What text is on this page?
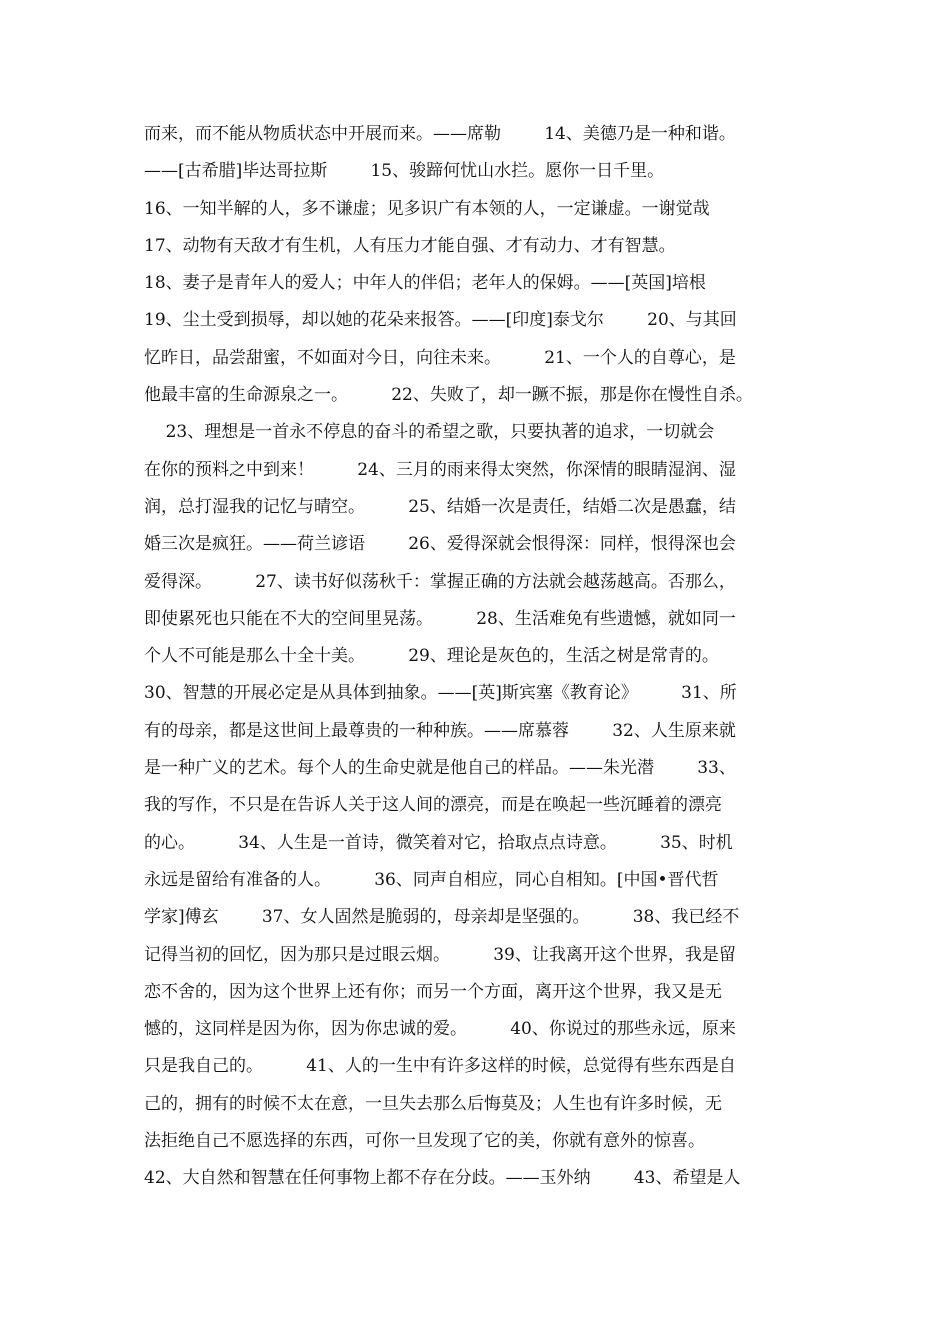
而来，而不能从物质状态中开展而来。——席勒        14、美德乃是一种和谐。
——[古希腊]毕达哥拉斯        15、骏蹄何忧山水拦。愿你一日千里。
16、一知半解的人，多不谦虚；见多识广有本领的人，一定谦虚。一谢觉哉
17、动物有天敌才有生机，人有压力才能自强、才有动力、才有智慧。
18、妻子是青年人的爱人；中年人的伴侣；老年人的保姆。——[英国]培根
19、尘土受到损辱，却以她的花朵来报答。——[印度]泰戈尔        20、与其回
忆昨日，品尝甜蜜，不如面对今日，向往未来。        21、一个人的自尊心，是
他最丰富的生命源泉之一。        22、失败了，却一蹶不振，那是你在慢性自杀。
23、理想是一首永不停息的奋斗的希望之歌，只要执著的追求，一切就会
在你的预料之中到来！        24、三月的雨来得太突然，你深情的眼睛湿润、湿
润，总打湿我的记忆与晴空。        25、结婚一次是责任，结婚二次是愚蠢，结
婚三次是疯狂。——荷兰谚语        26、爱得深就会恨得深：同样，恨得深也会
爱得深。        27、读书好似荡秋千：掌握正确的方法就会越荡越高。否那么，
即使累死也只能在不大的空间里晃荡。        28、生活难免有些遗憾，就如同一
个人不可能是那么十全十美。        29、理论是灰色的，生活之树是常青的。
30、智慧的开展必定是从具体到抽象。——[英]斯宾塞《教育论》        31、所
有的母亲，都是这世间上最尊贵的一种种族。——席慕蓉        32、人生原来就
是一种广义的艺术。每个人的生命史就是他自己的样品。——朱光潜        33、
我的写作，不只是在告诉人关于这人间的漂亮，而是在唤起一些沉睡着的漂亮
的心。        34、人生是一首诗，微笑着对它，拾取点点诗意。        35、时机
永远是留给有准备的人。        36、同声自相应，同心自相知。[中国•晋代哲
学家]傅玄        37、女人固然是脆弱的，母亲却是坚强的。        38、我已经不
记得当初的回忆，因为那只是过眼云烟。        39、让我离开这个世界，我是留
恋不舍的，因为这个世界上还有你；而另一个方面，离开这个世界，我又是无
憾的，这同样是因为你，因为你忠诚的爱。        40、你说过的那些永远，原来
只是我自己的。        41、人的一生中有许多这样的时候，总觉得有些东西是自
己的，拥有的时候不太在意，一旦失去那么后悔莫及；人生也有许多时候，无
法拒绝自己不愿选择的东西，可你一旦发现了它的美，你就有意外的惊喜。
42、大自然和智慧在任何事物上都不存在分歧。——玉外纳        43、希望是人
